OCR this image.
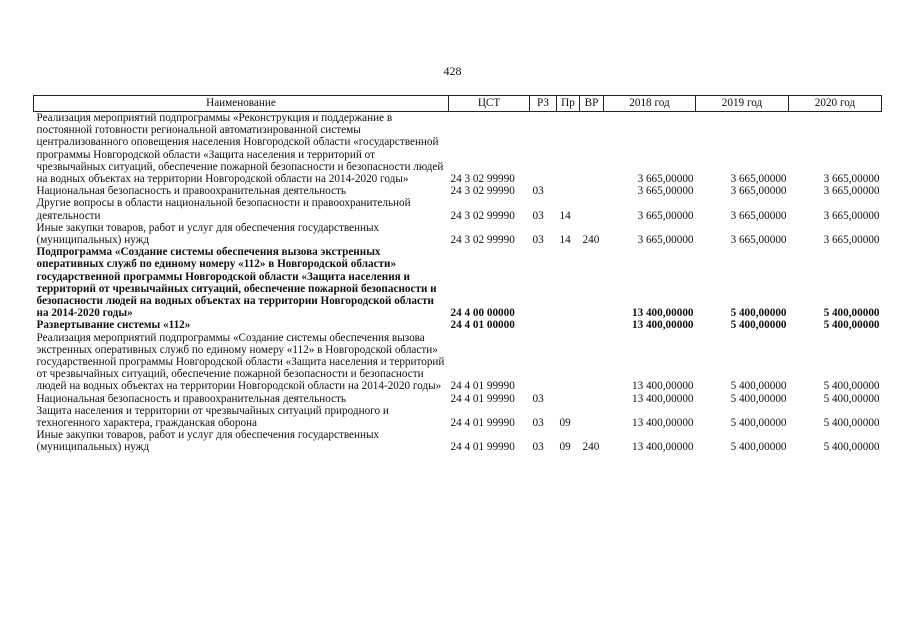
428
Наименование	ЦСТ	РЗ	Пр	ВР	2018 год	2019 год	2020 год
Реализация мероприятий подпрограммы «Реконструкция и поддержание в постоянной готовности региональной автоматизированной системы централизованного оповещения населения Новгородской области «государственной программы Новгородской области «Защита населения и территорий от чрезвычайных ситуаций, обеспечение пожарной безопасности и безопасности людей на водных объектах на территории Новгородской области на 2014-2020 годы»	24 3 02 99990				3 665,00000	3 665,00000	3 665,00000
Национальная безопасность и правоохранительная деятельность	24 3 02 99990	03			3 665,00000	3 665,00000	3 665,00000
Другие вопросы в области национальной безопасности и правоохранительной деятельности	24 3 02 99990	03	14		3 665,00000	3 665,00000	3 665,00000
Иные закупки товаров, работ и услуг для обеспечения государственных (муниципальных) нужд	24 3 02 99990	03	14	240	3 665,00000	3 665,00000	3 665,00000
Подпрограмма «Создание системы обеспечения вызова экстренных оперативных служб по единому номеру «112» в Новгородской области» государственной программы Новгородской области «Защита населения и территорий от чрезвычайных ситуаций, обеспечение пожарной безопасности и безопасности людей на водных объектах на территории Новгородской области на 2014-2020 годы»	24 4 00 00000				13 400,00000	5 400,00000	5 400,00000
Развертывание системы «112»	24 4 01 00000				13 400,00000	5 400,00000	5 400,00000
Реализация мероприятий подпрограммы «Создание системы обеспечения вызова экстренных оперативных служб по единому номеру «112» в Новгородской области» государственной программы Новгородской области «Защита населения и территорий от чрезвычайных ситуаций, обеспечение пожарной безопасности и безопасности людей на водных объектах на территории Новгородской области на 2014-2020 годы»	24 4 01 99990				13 400,00000	5 400,00000	5 400,00000
Национальная безопасность и правоохранительная деятельность	24 4 01 99990	03			13 400,00000	5 400,00000	5 400,00000
Защита населения и территории от чрезвычайных ситуаций природного и техногенного характера, гражданская оборона	24 4 01 99990	03	09		13 400,00000	5 400,00000	5 400,00000
Иные закупки товаров, работ и услуг для обеспечения государственных (муниципальных) нужд	24 4 01 99990	03	09	240	13 400,00000	5 400,00000	5 400,00000
